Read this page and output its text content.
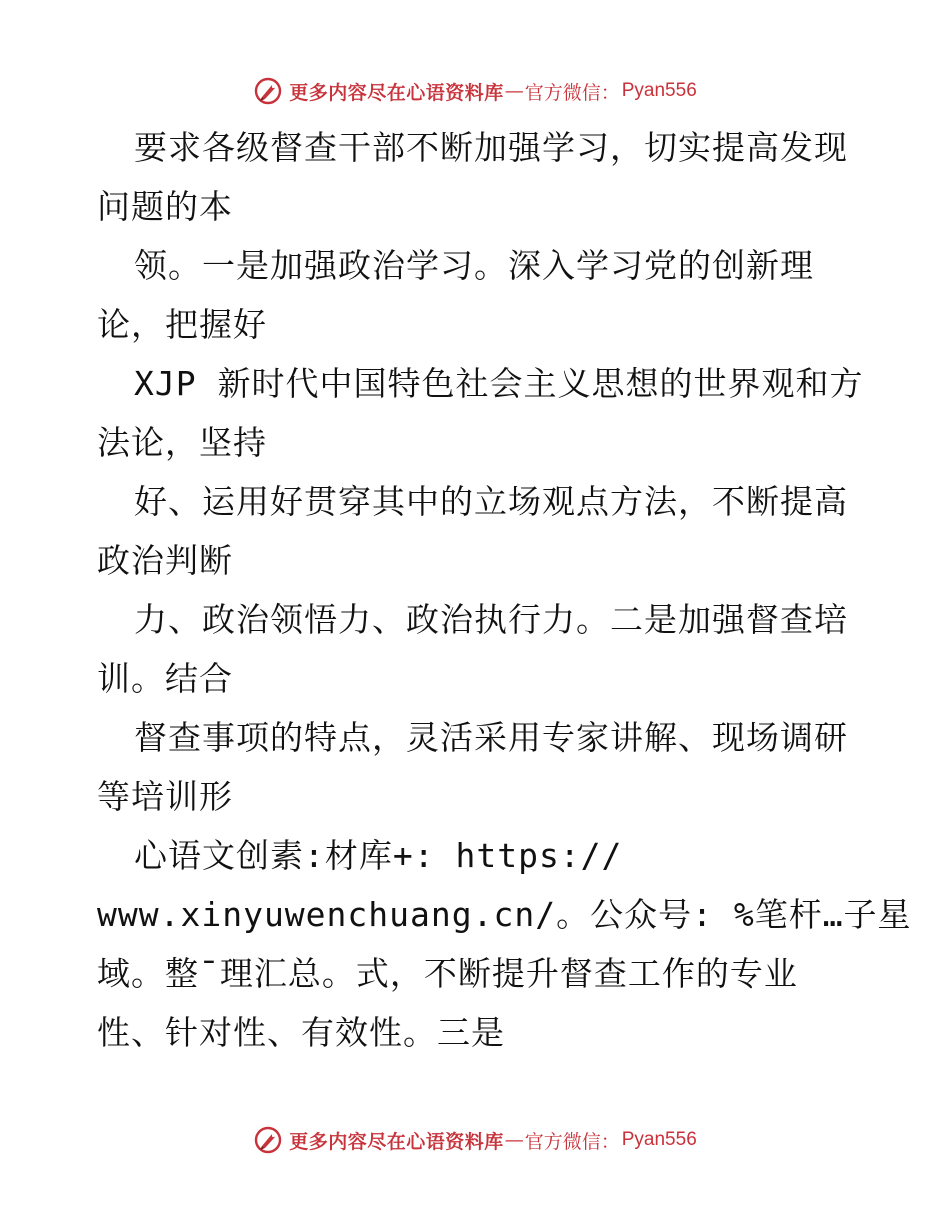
更多内容尽在心语资料库 — 官方微信： Pyan556
要求各级督查干部不断加强学习，切实提高发现
问题的本
领。一是加强政治学习。深入学习党的创新理
论，把握好
XJP 新时代中国特色社会主义思想的世界观和方
法论，坚持
好、运用好贯穿其中的立场观点方法，不断提高
政治判断
力、政治领悟力、政治执行力。二是加强督查培
训。结合
督查事项的特点，灵活采用专家讲解、现场调研
等培训形
心语文创素:材库+: https://
www.xinyuwenchuang.cn/。公众号: %笔杆…子星
域。整¯理汇总。式，不断提升督查工作的专业
性、针对性、有效性。三是
更多内容尽在心语资料库 — 官方微信： Pyan556
